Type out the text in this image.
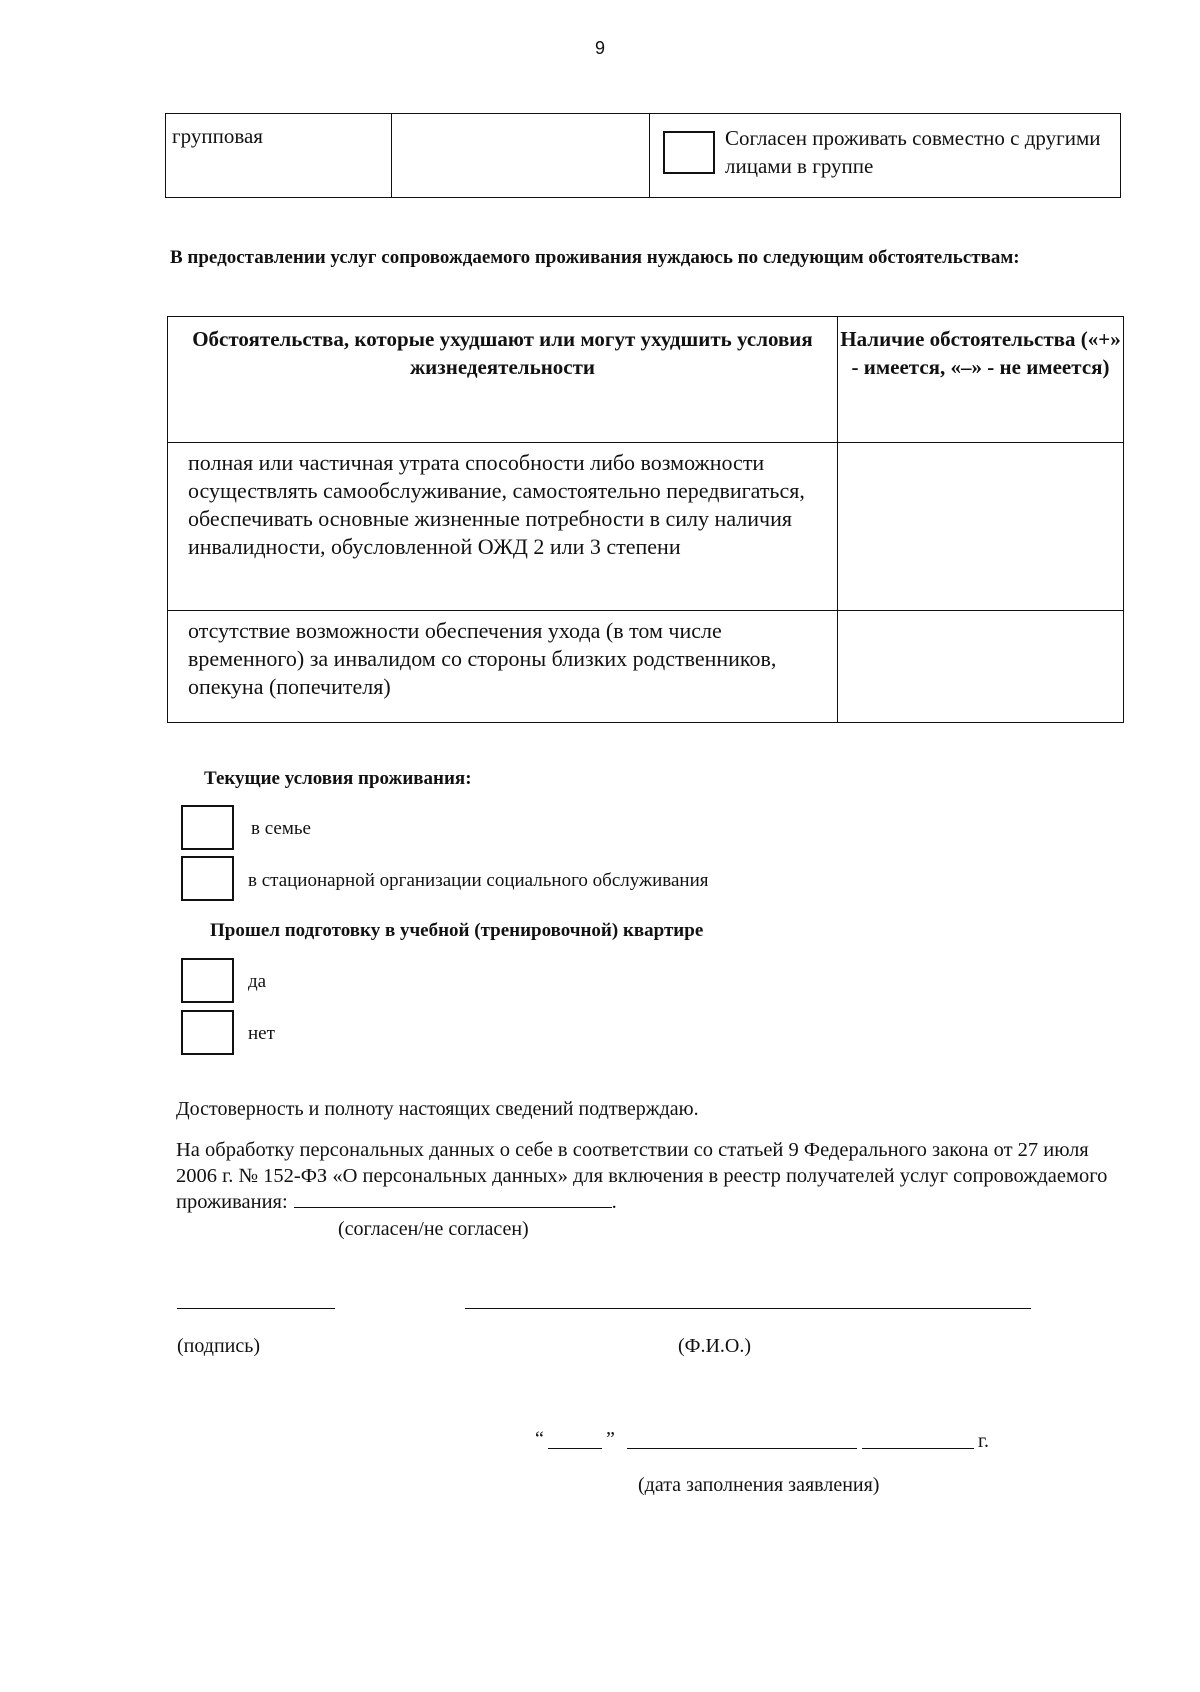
9
групповая	Согласен проживать совместно с другими лицами в группе
В предоставлении услуг сопровождаемого проживания нуждаюсь по следующим обстоятельствам:
Обстоятельства, которые ухудшают или могут ухудшить условия жизнедеятельности	Наличие обстоятельства («+» - имеется, «–» - не имеется)
полная или частичная утрата способности либо возможности осуществлять самообслуживание, самостоятельно передвигаться, обеспечивать основные жизненные потребности в силу наличия инвалидности, обусловленной ОЖД 2 или 3 степени	
отсутствие возможности обеспечения ухода (в том числе временного) за инвалидом со стороны близких родственников, опекуна (попечителя)	
Текущие условия проживания:
в семье
в стационарной организации социального обслуживания
Прошел подготовку в учебной (тренировочной) квартире
да
нет
Достоверность и полноту настоящих сведений подтверждаю.
На обработку персональных данных о себе в соответствии со статьей 9 Федерального закона от 27 июля 2006 г. № 152-ФЗ «О персональных данных» для включения в реестр получателей услуг сопровождаемого проживания:	.
(согласен/не согласен)
(подпись)	(Ф.И.О.)
“	”	г.
(дата заполнения заявления)
